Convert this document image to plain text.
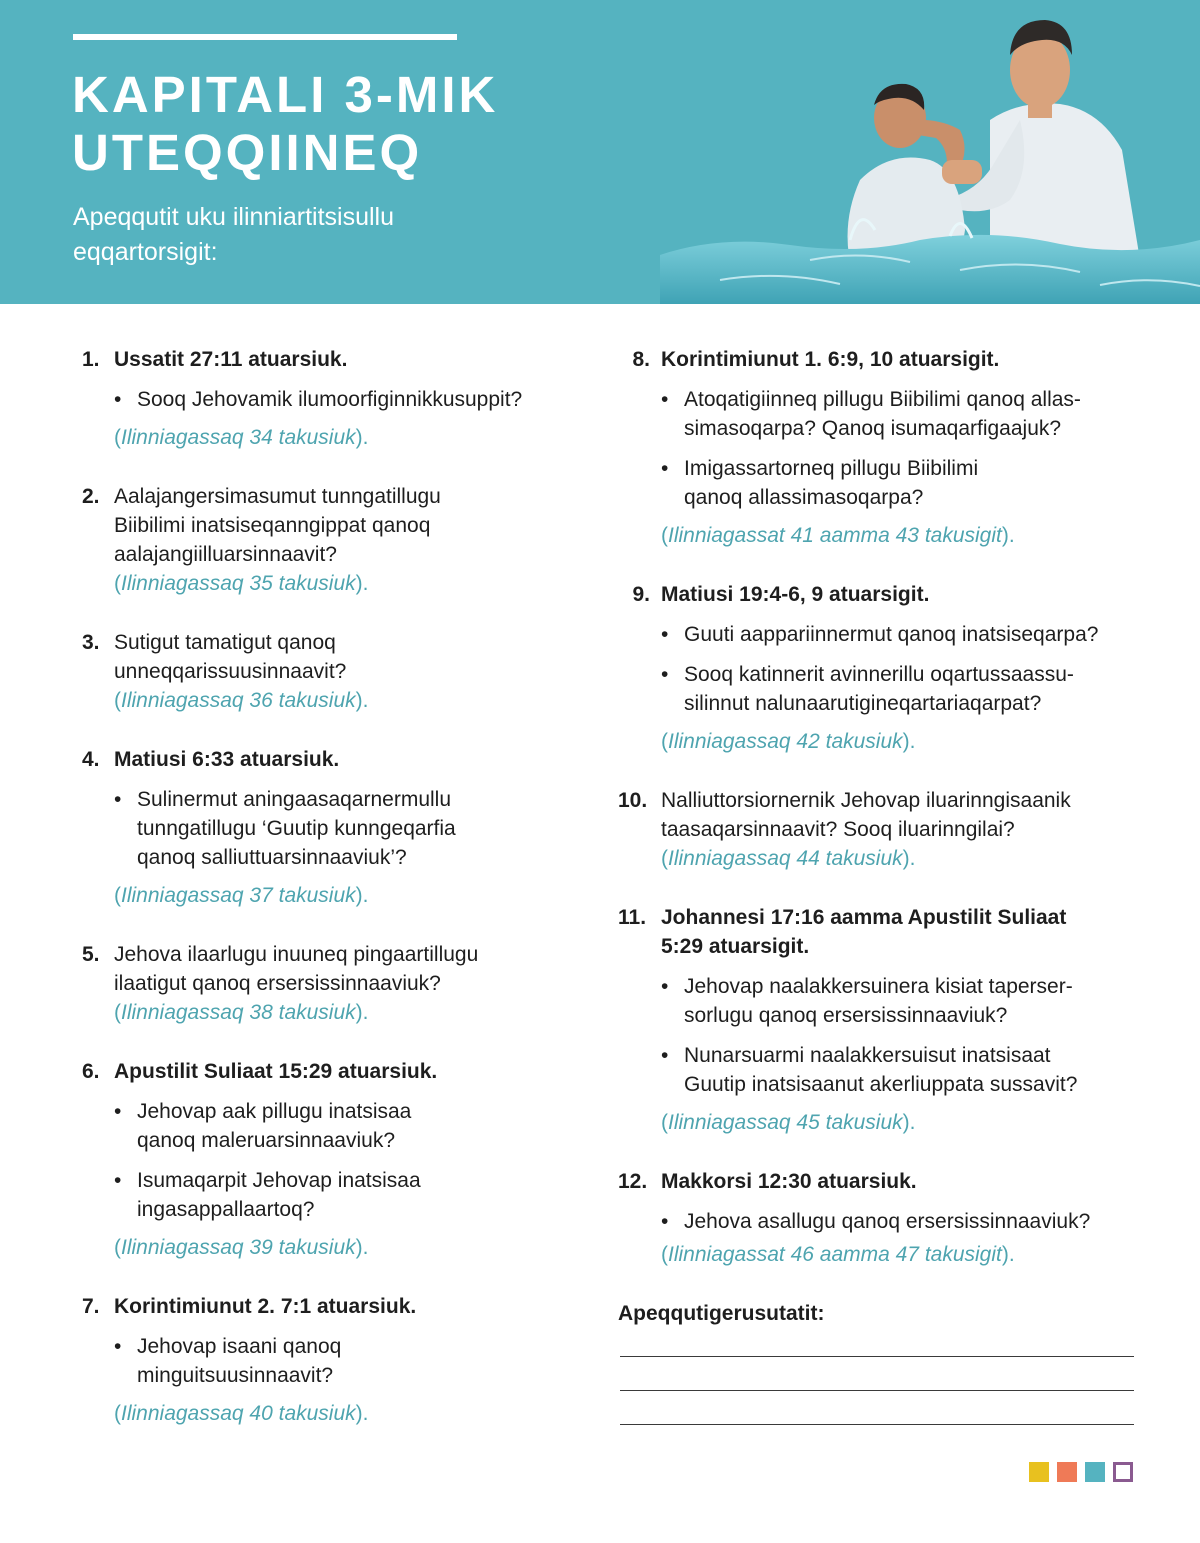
KAPITALI 3-MIK
UTEQQIINEQ
Apeqqutit uku ilinniartitsisullu
eqqartorsigit:
1. Ussatit 27:11 atuarsiuk.
• Sooq Jehovamik ilumoorfiginnikkusuppit?
(Ilinniagassaq 34 takusiuk).
2. Aalajangersimasumut tunngatillugu
Biibilimi inatsiseqanngippat qanoq
aalajangiilluarsinnaavit?
(Ilinniagassaq 35 takusiuk).
3. Sutigut tamatigut qanoq
unneqqarissuusinnaavit?
(Ilinniagassaq 36 takusiuk).
4. Matiusi 6:33 atuarsiuk.
• Sulinermut aningaasaqarnermullu
tunngatillugu ‘Guutip kunngeqarfia
qanoq salliuttuarsinnaaviuk’?
(Ilinniagassaq 37 takusiuk).
5. Jehova ilaarlugu inuuneq pingaartillugu
ilaatigut qanoq ersersissinnaaviuk?
(Ilinniagassaq 38 takusiuk).
6. Apustilit Suliaat 15:29 atuarsiuk.
• Jehovap aak pillugu inatsisaa
qanoq maleruarsinnaaviuk?
• Isumaqarpit Jehovap inatsisaa
ingasappallaartoq?
(Ilinniagassaq 39 takusiuk).
7. Korintimiunut 2. 7:1 atuarsiuk.
• Jehovap isaani qanoq
minguitsuusinnaavit?
(Ilinniagassaq 40 takusiuk).
8. Korintimiunut 1. 6:9, 10 atuarsigit.
• Atoqatigiinneq pillugu Biibilimi qanoq allas-
simasoqarpa? Qanoq isumaqarfigaajuk?
• Imigassartorneq pillugu Biibilimi
qanoq allassimasoqarpa?
(Ilinniagassat 41 aamma 43 takusigit).
9. Matiusi 19:4-6, 9 atuarsigit.
• Guuti aappariinnermut qanoq inatsiseqarpa?
• Sooq katinnerit avinnerillu oqartussaassu-
silinnut nalunaarutigineqartariaqarpat?
(Ilinniagassaq 42 takusiuk).
10. Nalliuttorsiornernik Jehovap iluarinngisaanik
taasaqarsinnaavit? Sooq iluarinngilai?
(Ilinniagassaq 44 takusiuk).
11. Johannesi 17:16 aamma Apustilit Suliaat
5:29 atuarsigit.
• Jehovap naalakkersuinera kisiat taperser-
sorlugu qanoq ersersissinnaaviuk?
• Nunarsuarmi naalakkersuisut inatsisaat
Guutip inatsisaanut akerliuppata sussavit?
(Ilinniagassaq 45 takusiuk).
12. Makkorsi 12:30 atuarsiuk.
• Jehova asallugu qanoq ersersissinnaaviuk?
(Ilinniagassat 46 aamma 47 takusigit).
Apeqqutigerusutatit:
